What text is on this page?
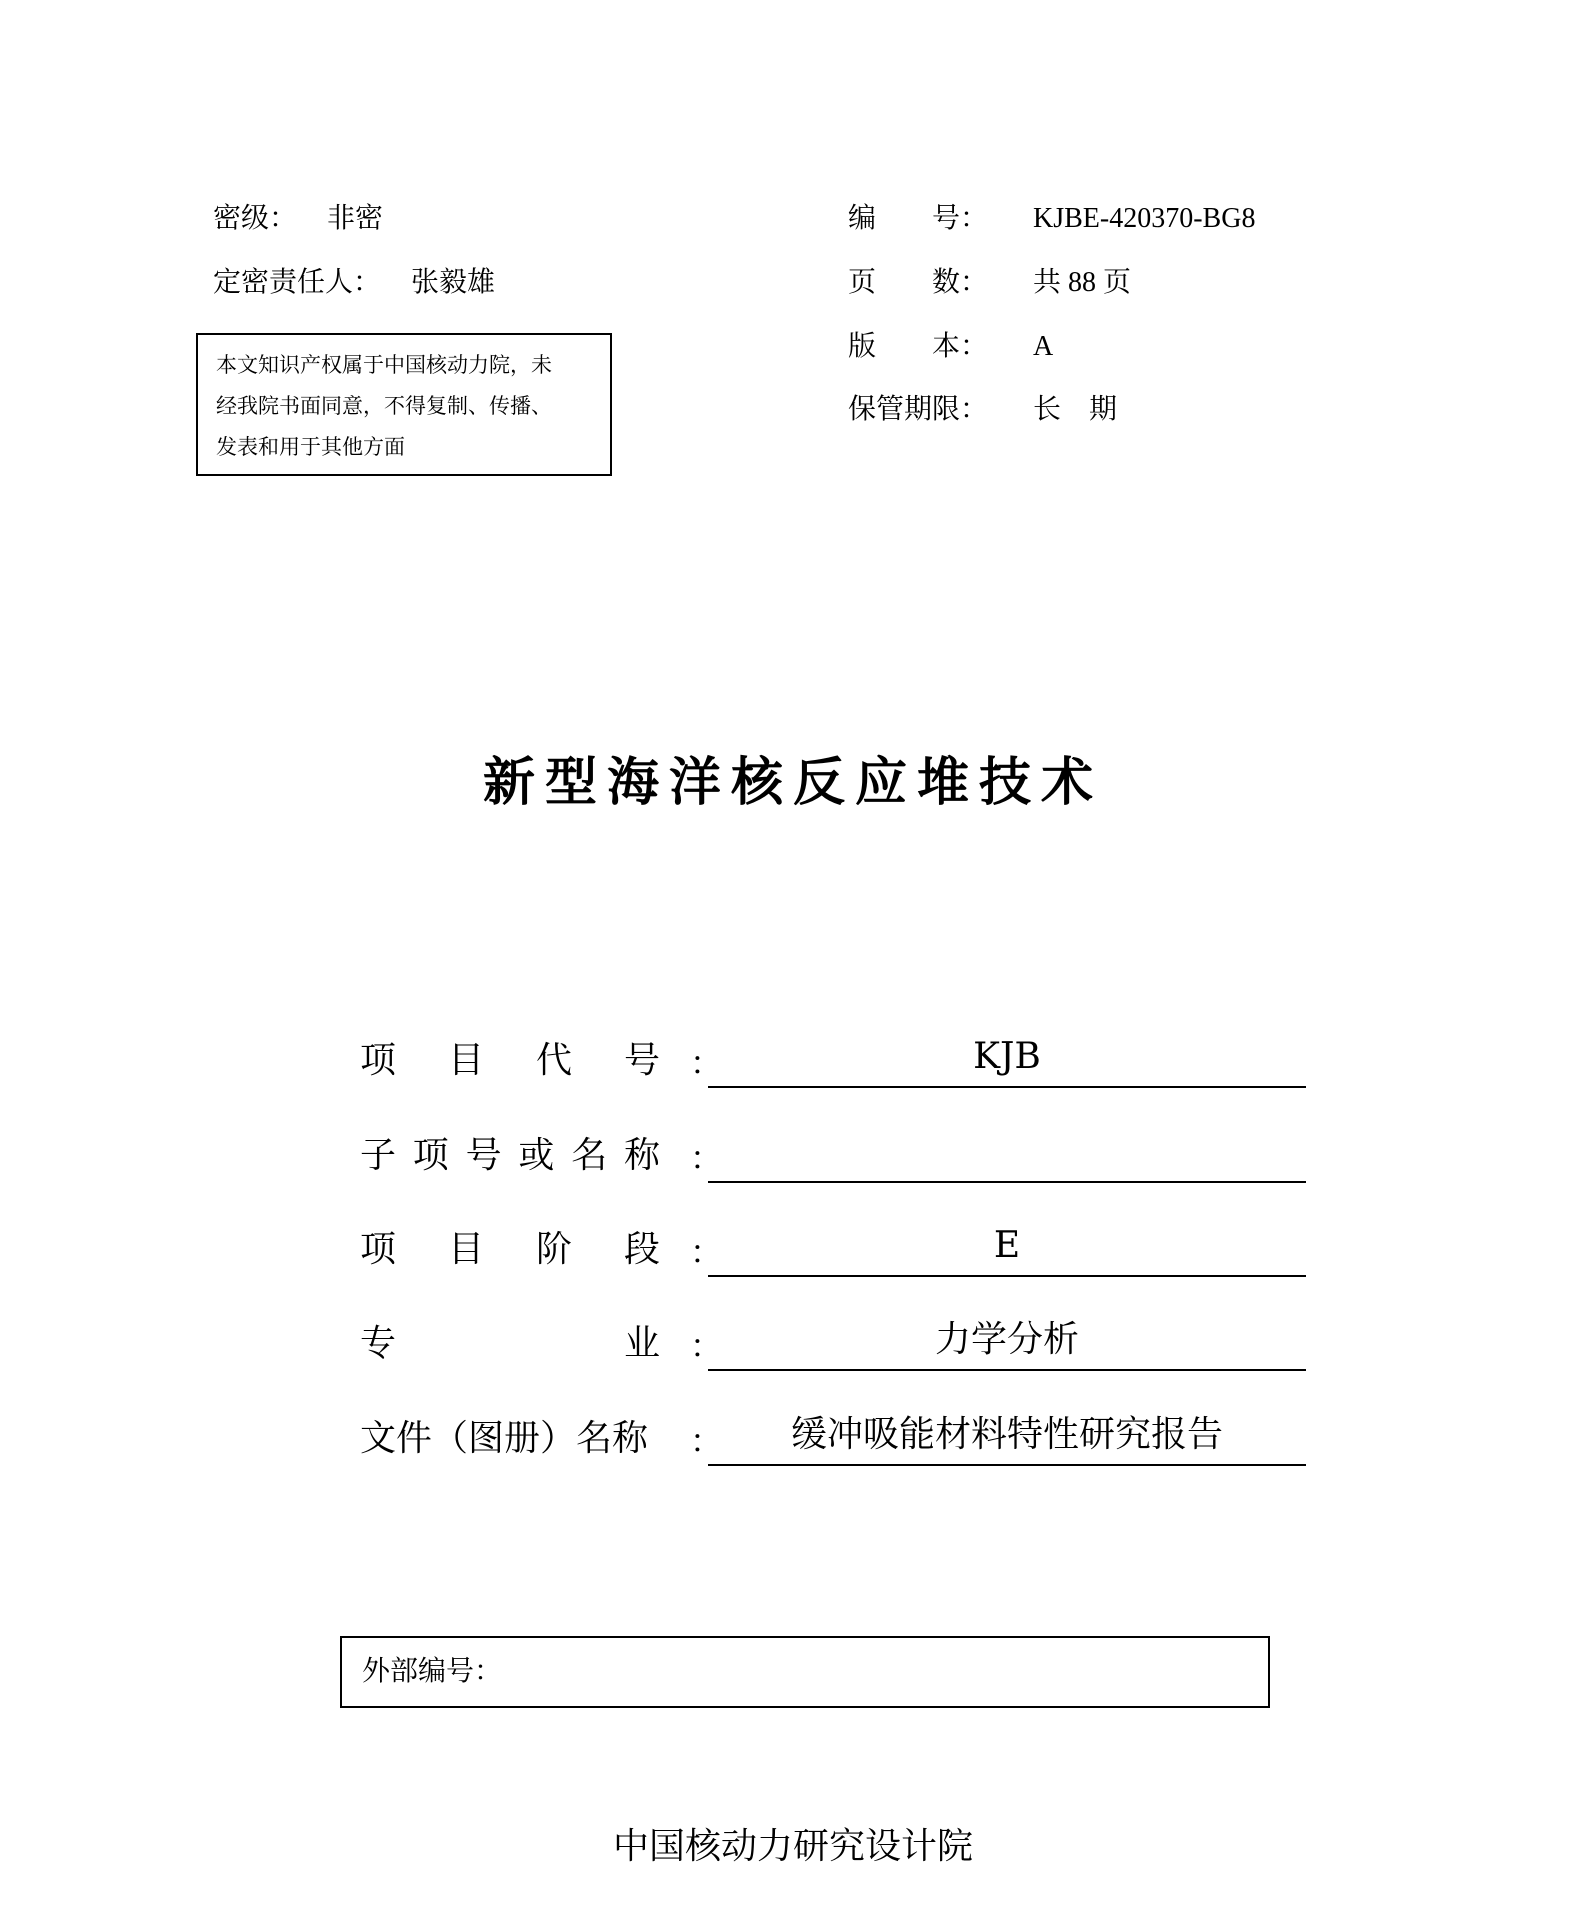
密级： 非密
定密责任人： 张毅雄
本文知识产权属于中国核动力院，未
经我院书面同意，不得复制、传播、
发表和用于其他方面
编　　号： KJBE-420370-BG8
页　　数： 共 88 页
版　　本： A
保管期限： 长　期
新型海洋核反应堆技术
项 目 代 号 ：	KJB
子 项 号 或 名 称 ：
项 目 阶 段 ：	E
专	业 ：	力学分析
文件（图册）名称 ：	缓冲吸能材料特性研究报告
外部编号：
中国核动力研究设计院
